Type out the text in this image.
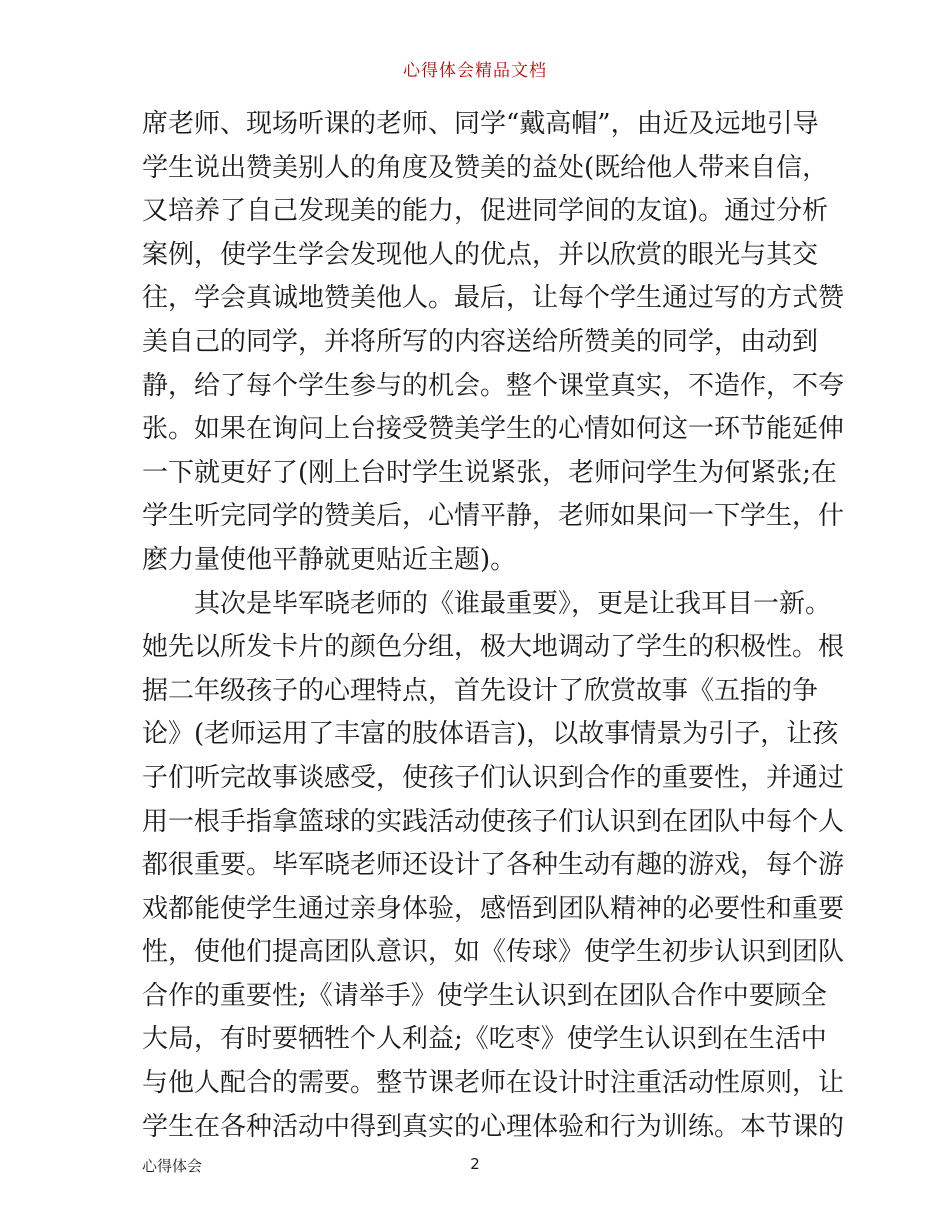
心得体会精品文档
席老师、现场听课的老师、同学“戴高帽”，由近及远地引导
学生说出赞美别人的角度及赞美的益处(既给他人带来自信，
又培养了自己发现美的能力，促进同学间的友谊)。通过分析
案例，使学生学会发现他人的优点，并以欣赏的眼光与其交
往，学会真诚地赞美他人。最后，让每个学生通过写的方式赞
美自己的同学，并将所写的内容送给所赞美的同学，由动到
静，给了每个学生参与的机会。整个课堂真实，不造作，不夸
张。如果在询问上台接受赞美学生的心情如何这一环节能延伸
一下就更好了(刚上台时学生说紧张，老师问学生为何紧张;在
学生听完同学的赞美后，心情平静，老师如果问一下学生，什
麽力量使他平静就更贴近主题)。
其次是毕军晓老师的《谁最重要》，更是让我耳目一新。
她先以所发卡片的颜色分组，极大地调动了学生的积极性。根
据二年级孩子的心理特点，首先设计了欣赏故事《五指的争
论》(老师运用了丰富的肢体语言)，以故事情景为引子，让孩
子们听完故事谈感受，使孩子们认识到合作的重要性，并通过
用一根手指拿篮球的实践活动使孩子们认识到在团队中每个人
都很重要。毕军晓老师还设计了各种生动有趣的游戏，每个游
戏都能使学生通过亲身体验，感悟到团队精神的必要性和重要
性，使他们提高团队意识，如《传球》使学生初步认识到团队
合作的重要性;《请举手》使学生认识到在团队合作中要顾全
大局，有时要牺牲个人利益;《吃枣》使学生认识到在生活中
与他人配合的需要。整节课老师在设计时注重活动性原则，让
学生在各种活动中得到真实的心理体验和行为训练。本节课的
心得体会	2
